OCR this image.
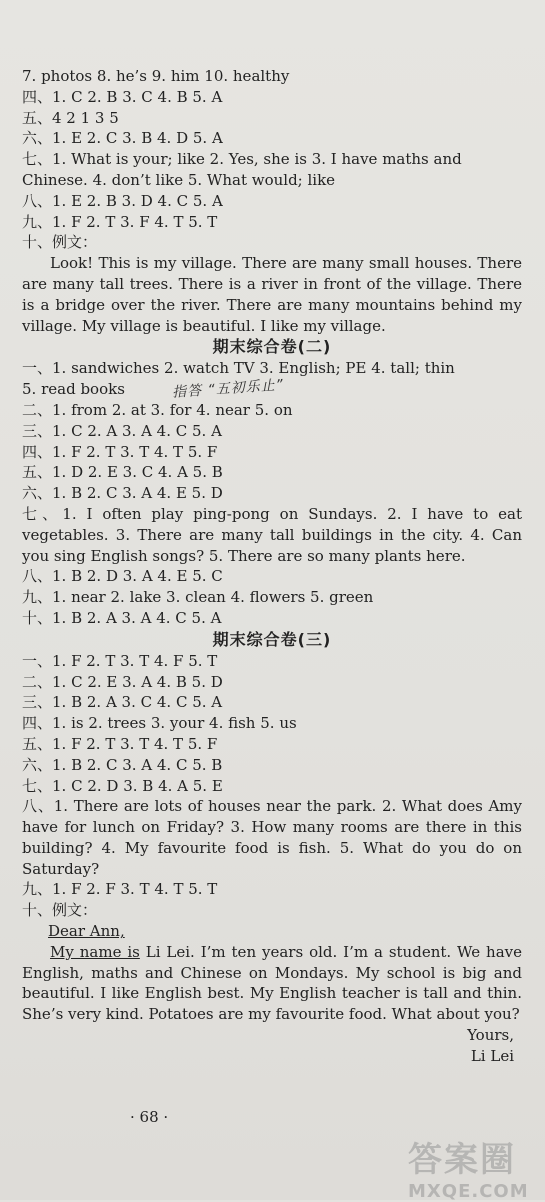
7. photos 8. he’s 9. him 10. healthy
四、1. C 2. B 3. C 4. B 5. A
五、4 2 1 3 5
六、1. E 2. C 3. B 4. D 5. A
七、1. What is your; like 2. Yes, she is 3. I have maths and
Chinese. 4. don’t like 5. What would; like
八、1. E 2. B 3. D 4. C 5. A
九、1. F 2. T 3. F 4. T 5. T
十、例文：
Look! This is my village. There are many small houses. There are many tall trees. There is a river in front of the village. There is a bridge over the river. There are many mountains behind my village. My village is beautiful. I like my village.
期末综合卷(二)
一、1. sandwiches 2. watch TV 3. English; PE 4. tall; thin
5. read books
二、1. from 2. at 3. for 4. near 5. on
三、1. C 2. A 3. A 4. C 5. A
四、1. F 2. T 3. T 4. T 5. F
五、1. D 2. E 3. C 4. A 5. B
六、1. B 2. C 3. A 4. E 5. D
七、1. I often play ping-pong on Sundays. 2. I have to eat vegetables. 3. There are many tall buildings in the city. 4. Can you sing English songs? 5. There are so many plants here.
八、1. B 2. D 3. A 4. E 5. C
九、1. near 2. lake 3. clean 4. flowers 5. green
十、1. B 2. A 3. A 4. C 5. A
期末综合卷(三)
一、1. F 2. T 3. T 4. F 5. T
二、1. C 2. E 3. A 4. B 5. D
三、1. B 2. A 3. C 4. C 5. A
四、1. is 2. trees 3. your 4. fish 5. us
五、1. F 2. T 3. T 4. T 5. F
六、1. B 2. C 3. A 4. C 5. B
七、1. C 2. D 3. B 4. A 5. E
八、1. There are lots of houses near the park. 2. What does Amy have for lunch on Friday? 3. How many rooms are there in this building? 4. My favourite food is fish. 5. What do you do on Saturday?
九、1. F 2. F 3. T 4. T 5. T
十、例文：
Dear Ann,
My name is Li Lei. I’m ten years old. I’m a student. We have English, maths and Chinese on Mondays. My school is big and beautiful. I like English best. My English teacher is tall and thin. She’s very kind. Potatoes are my favourite food. What about you?
Yours,
Li Lei
指答 “五初乐止”
· 68 ·
答案圈
MXQE.COM
